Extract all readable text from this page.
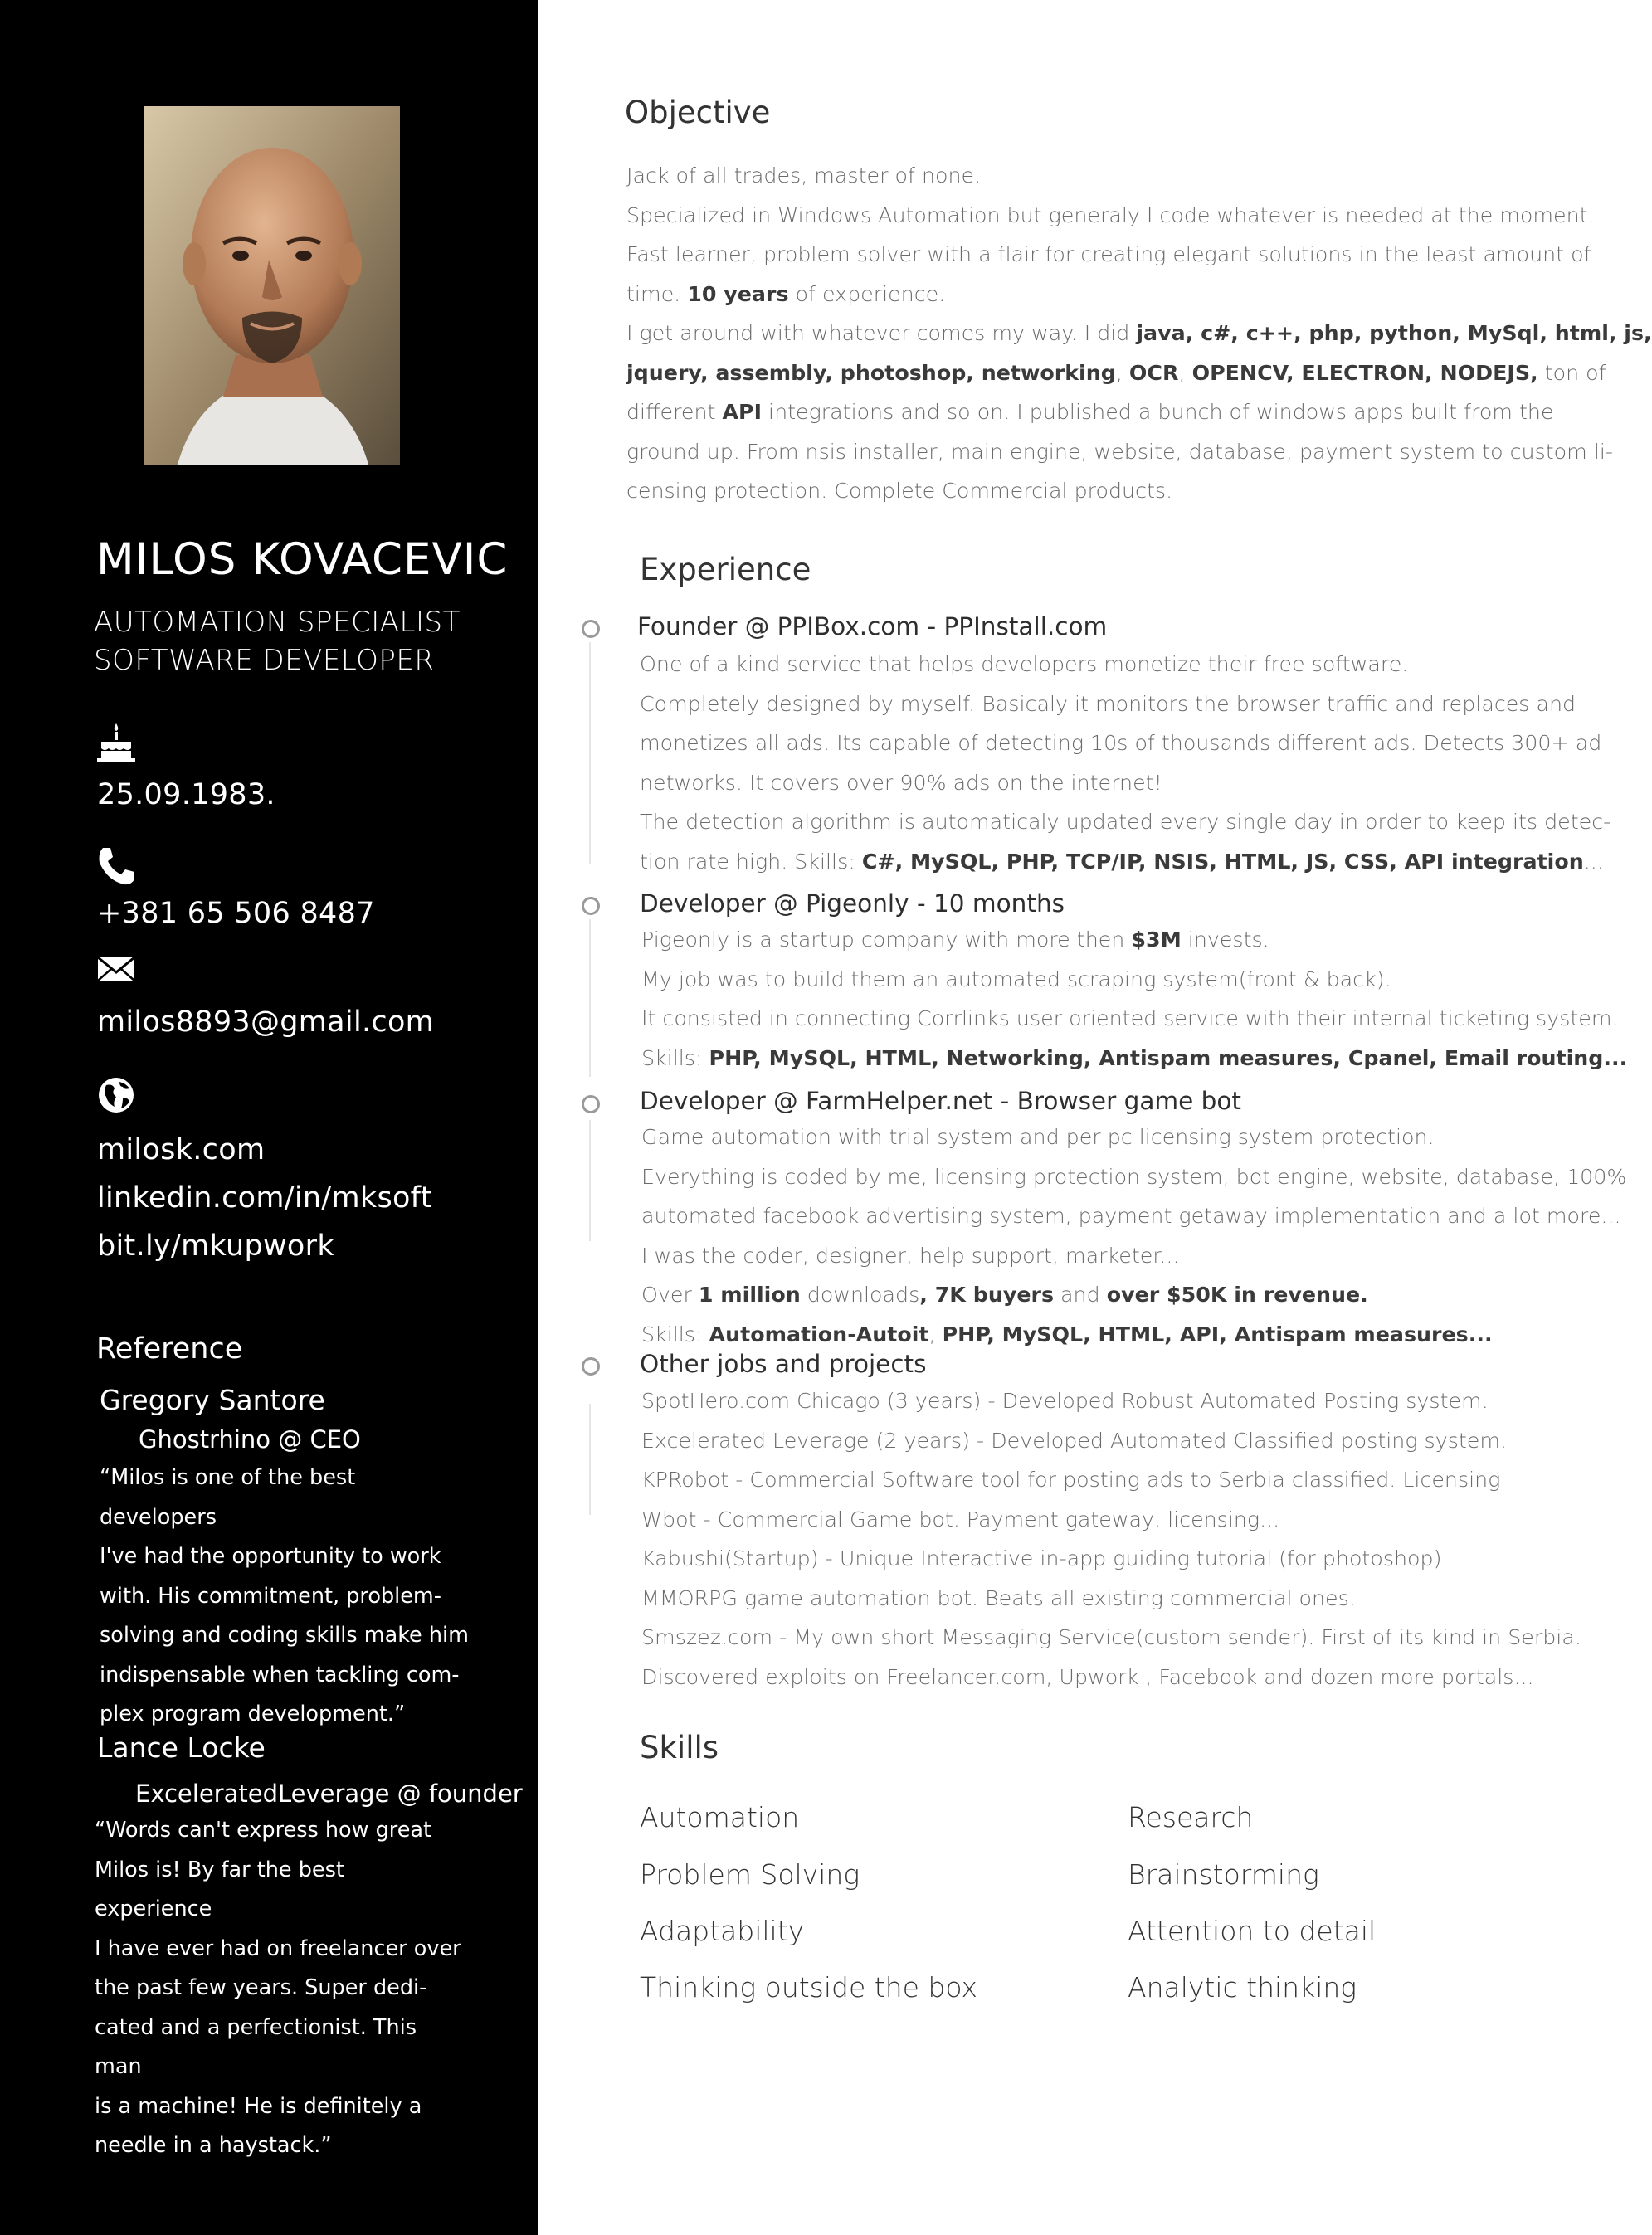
MILOS KOVACEVIC
AUTOMATION SPECIALIST
SOFTWARE DEVELOPER
25.09.1983.
+381 65 506 8487
milos8893@gmail.com
milosk.com
linkedin.com/in/mksoft
bit.ly/mkupwork
Reference
Gregory Santore
Ghostrhino @ CEO
“Milos is one of the best developers
I've had the opportunity to work
with. His commitment, problem-
solving and coding skills make him
indispensable when tackling com-
plex program development.”
Lance Locke
ExceleratedLeverage @ founder
“Words can't express how great
Milos is! By far the best experience
I have ever had on freelancer over
the past few years. Super dedi-
cated and a perfectionist. This man
is a machine! He is definitely a
needle in a haystack.”
Objective
Jack of all trades, master of none.
Specialized in Windows Automation but generaly I code whatever is needed at the moment.
Fast learner, problem solver with a flair for creating elegant solutions in the least amount of
time. 10 years of experience.
I get around with whatever comes my way. I did java, c#, c++, php, python, MySql, html, js,
jquery, assembly, photoshop, networking, OCR, OPENCV, ELECTRON, NODEJS, ton of
different API integrations and so on. I published a bunch of windows apps built from the
ground up. From nsis installer, main engine, website, database, payment system to custom li-
censing protection. Complete Commercial products.
Experience
Founder @ PPIBox.com - PPInstall.com
One of a kind service that helps developers monetize their free software.
Completely designed by myself. Basicaly it monitors the browser traffic and replaces and
monetizes all ads. Its capable of detecting 10s of thousands different ads. Detects 300+ ad
networks. It covers over 90% ads on the internet!
The detection algorithm is automaticaly updated every single day in order to keep its detec-
tion rate high. Skills: C#, MySQL, PHP, TCP/IP, NSIS, HTML, JS, CSS, API integration...
Developer @ Pigeonly - 10 months
Pigeonly is a startup company with more then $3M invests.
My job was to build them an automated scraping system(front & back).
It consisted in connecting Corrlinks user oriented service with their internal ticketing system.
Skills: PHP, MySQL, HTML, Networking, Antispam measures, Cpanel, Email routing...
Developer @ FarmHelper.net - Browser game bot
Game automation with trial system and per pc licensing system protection.
Everything is coded by me, licensing protection system, bot engine, website, database, 100%
automated facebook advertising system, payment getaway implementation and a lot more...
I was the coder, designer, help support, marketer...
Over 1 million downloads, 7K buyers and over $50K in revenue.
Skills: Automation-Autoit, PHP, MySQL, HTML, API, Antispam measures...
Other jobs and projects
SpotHero.com Chicago (3 years) - Developed Robust Automated Posting system.
Excelerated Leverage (2 years) - Developed Automated Classified posting system.
KPRobot - Commercial Software tool for posting ads to Serbia classified. Licensing
Wbot - Commercial Game bot. Payment gateway, licensing...
Kabushi(Startup) - Unique Interactive in-app guiding tutorial (for photoshop)
MMORPG game automation bot. Beats all existing commercial ones.
Smszez.com - My own short Messaging Service(custom sender). First of its kind in Serbia.
Discovered exploits on Freelancer.com, Upwork , Facebook and dozen more portals...
Skills
Automation
Problem Solving
Adaptability
Thinking outside the box
Research
Brainstorming
Attention to detail
Analytic thinking
